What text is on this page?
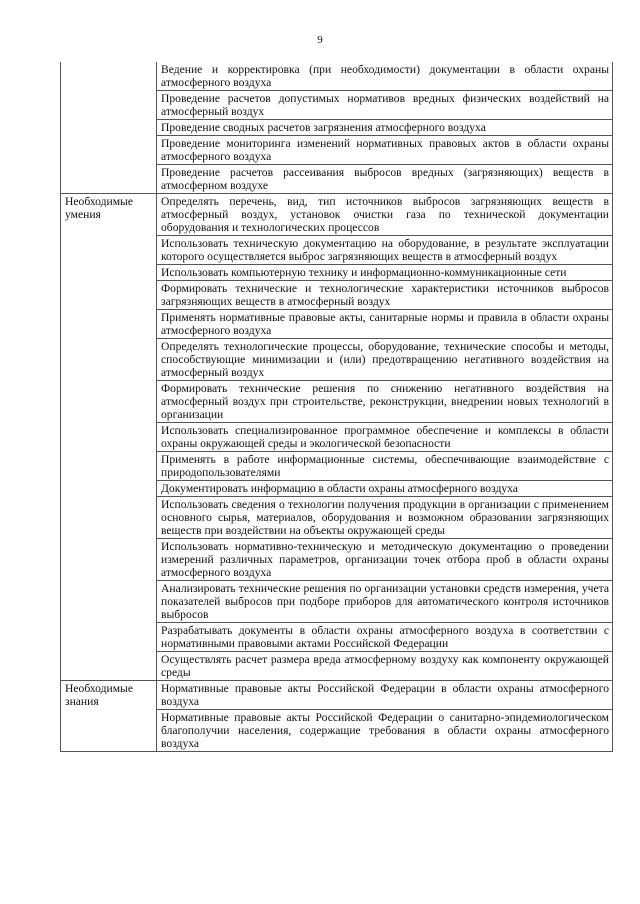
9
	Ведение и корректировка (при необходимости) документации в области охраны атмосферного воздуха
	Проведение расчетов допустимых нормативов вредных физических воздействий на атмосферный воздух
	Проведение сводных расчетов загрязнения атмосферного воздуха
	Проведение мониторинга изменений нормативных правовых актов в области охраны атмосферного воздуха
	Проведение расчетов рассеивания выбросов вредных (загрязняющих) веществ в атмосферном воздухе
Необходимые умения	Определять перечень, вид, тип источников выбросов загрязняющих веществ в атмосферный воздух, установок очистки газа по технической документации оборудования и технологических процессов
	Использовать техническую документацию на оборудование, в результате эксплуатации которого осуществляется выброс загрязняющих веществ в атмосферный воздух
	Использовать компьютерную технику и информационно-коммуникационные сети
	Формировать технические и технологические характеристики источников выбросов загрязняющих веществ в атмосферный воздух
	Применять нормативные правовые акты, санитарные нормы и правила в области охраны атмосферного воздуха
	Определять технологические процессы, оборудование, технические способы и методы, способствующие минимизации и (или) предотвращению негативного воздействия на атмосферный воздух
	Формировать технические решения по снижению негативного воздействия на атмосферный воздух при строительстве, реконструкции, внедрении новых технологий в организации
	Использовать специализированное программное обеспечение и комплексы в области охраны окружающей среды и экологической безопасности
	Применять в работе информационные системы, обеспечивающие взаимодействие с природопользователями
	Документировать информацию в области охраны атмосферного воздуха
	Использовать сведения о технологии получения продукции в организации с применением основного сырья, материалов, оборудования и возможном образовании загрязняющих веществ при воздействии на объекты окружающей среды
	Использовать нормативно-техническую и методическую документацию о проведении измерений различных параметров, организации точек отбора проб в области охраны атмосферного воздуха
	Анализировать технические решения по организации установки средств измерения, учета показателей выбросов при подборе приборов для автоматического контроля источников выбросов
	Разрабатывать документы в области охраны атмосферного воздуха в соответствии с нормативными правовыми актами Российской Федерации
	Осуществлять расчет размера вреда атмосферному воздуху как компоненту окружающей среды
Необходимые знания	Нормативные правовые акты Российской Федерации в области охраны атмосферного воздуха
	Нормативные правовые акты Российской Федерации о санитарно-эпидемиологическом благополучии населения, содержащие требования в области охраны атмосферного воздуха
